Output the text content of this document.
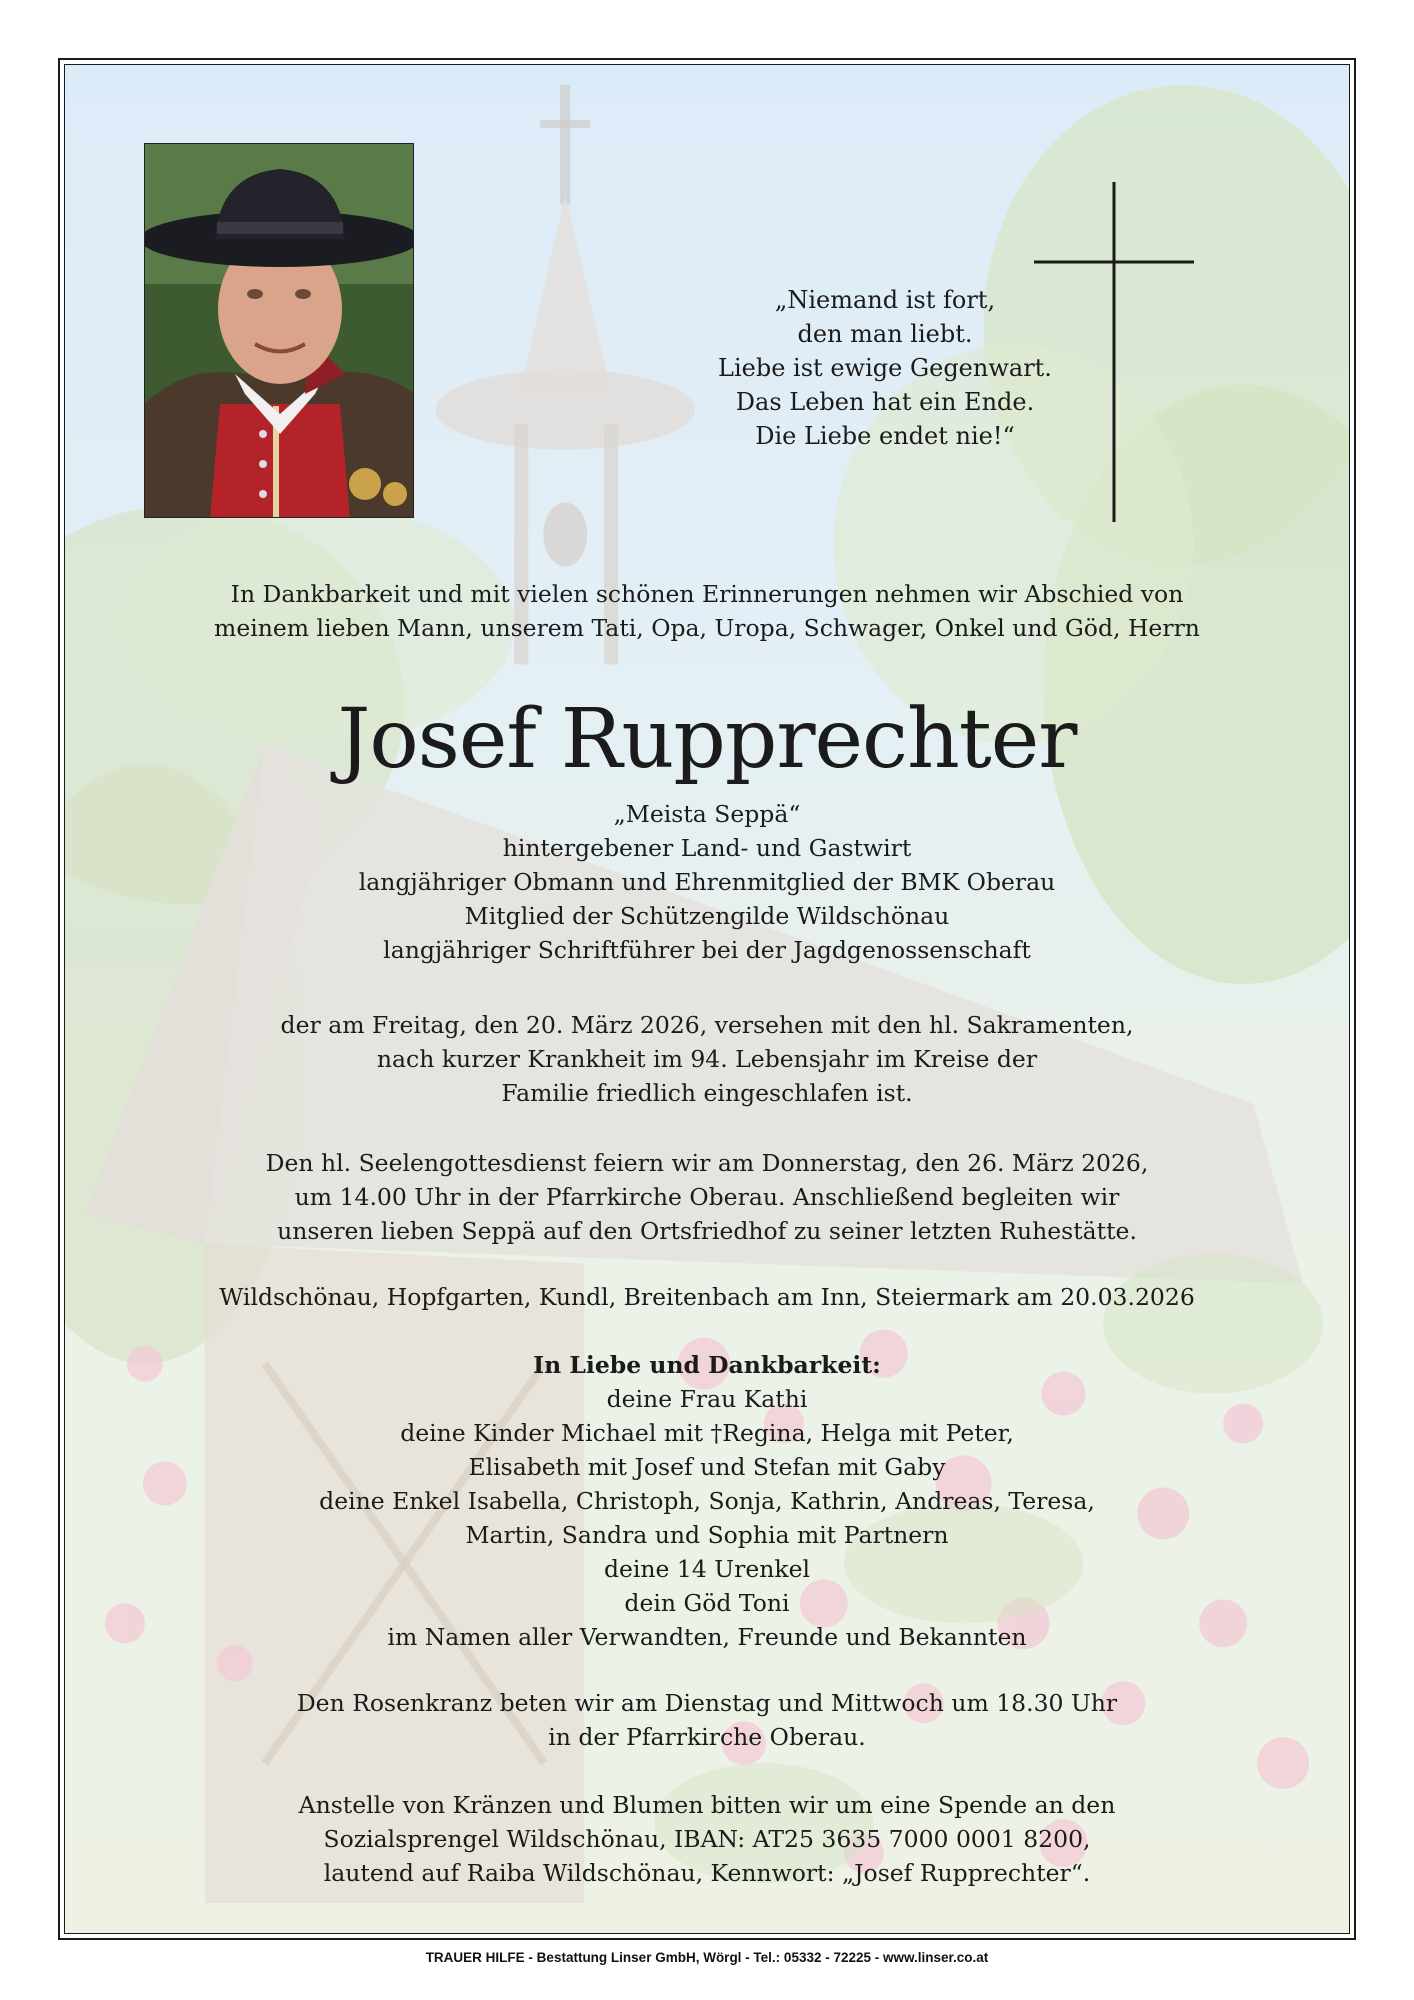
„Niemand ist fort,
den man liebt.
Liebe ist ewige Gegenwart.
Das Leben hat ein Ende.
Die Liebe endet nie!“

In Dankbarkeit und mit vielen schönen Erinnerungen nehmen wir Abschied von

meinem lieben Mann, unserem Tati, Opa, Uropa, Schwager, Onkel und Göd, Herrn

Josef Rupprechter

„Meista Seppä“

hintergebener Land- und Gastwirt

langjähriger Obmann und Ehrenmitglied der BMK Oberau

Mitglied der Schützengilde Wildschönau

langjähriger Schriftführer bei der Jagdgenossenschaft

der am Freitag, den 20. März 2026, versehen mit den hl. Sakramenten,

nach kurzer Krankheit im 94. Lebensjahr im Kreise der

Familie friedlich eingeschlafen ist.

Den hl. Seelengottesdienst feiern wir am Donnerstag, den 26. März 2026,

um 14.00 Uhr in der Pfarrkirche Oberau. Anschließend begleiten wir

unseren lieben Seppä auf den Ortsfriedhof zu seiner letzten Ruhestätte.

Wildschönau, Hopfgarten, Kundl, Breitenbach am Inn, Steiermark am 20.03.2026

In Liebe und Dankbarkeit:

deine Frau Kathi

deine Kinder Michael mit †Regina, Helga mit Peter,

Elisabeth mit Josef und Stefan mit Gaby

deine Enkel Isabella, Christoph, Sonja, Kathrin, Andreas, Teresa,

Martin, Sandra und Sophia mit Partnern

deine 14 Urenkel

dein Göd Toni

im Namen aller Verwandten, Freunde und Bekannten

Den Rosenkranz beten wir am Dienstag und Mittwoch um 18.30 Uhr

in der Pfarrkirche Oberau.

Anstelle von Kränzen und Blumen bitten wir um eine Spende an den

Sozialsprengel Wildschönau, IBAN: AT25 3635 7000 0001 8200,

lautend auf Raiba Wildschönau, Kennwort: „Josef Rupprechter“.

TRAUER HILFE - Bestattung Linser GmbH, Wörgl - Tel.: 05332 - 72225 - www.linser.co.at
